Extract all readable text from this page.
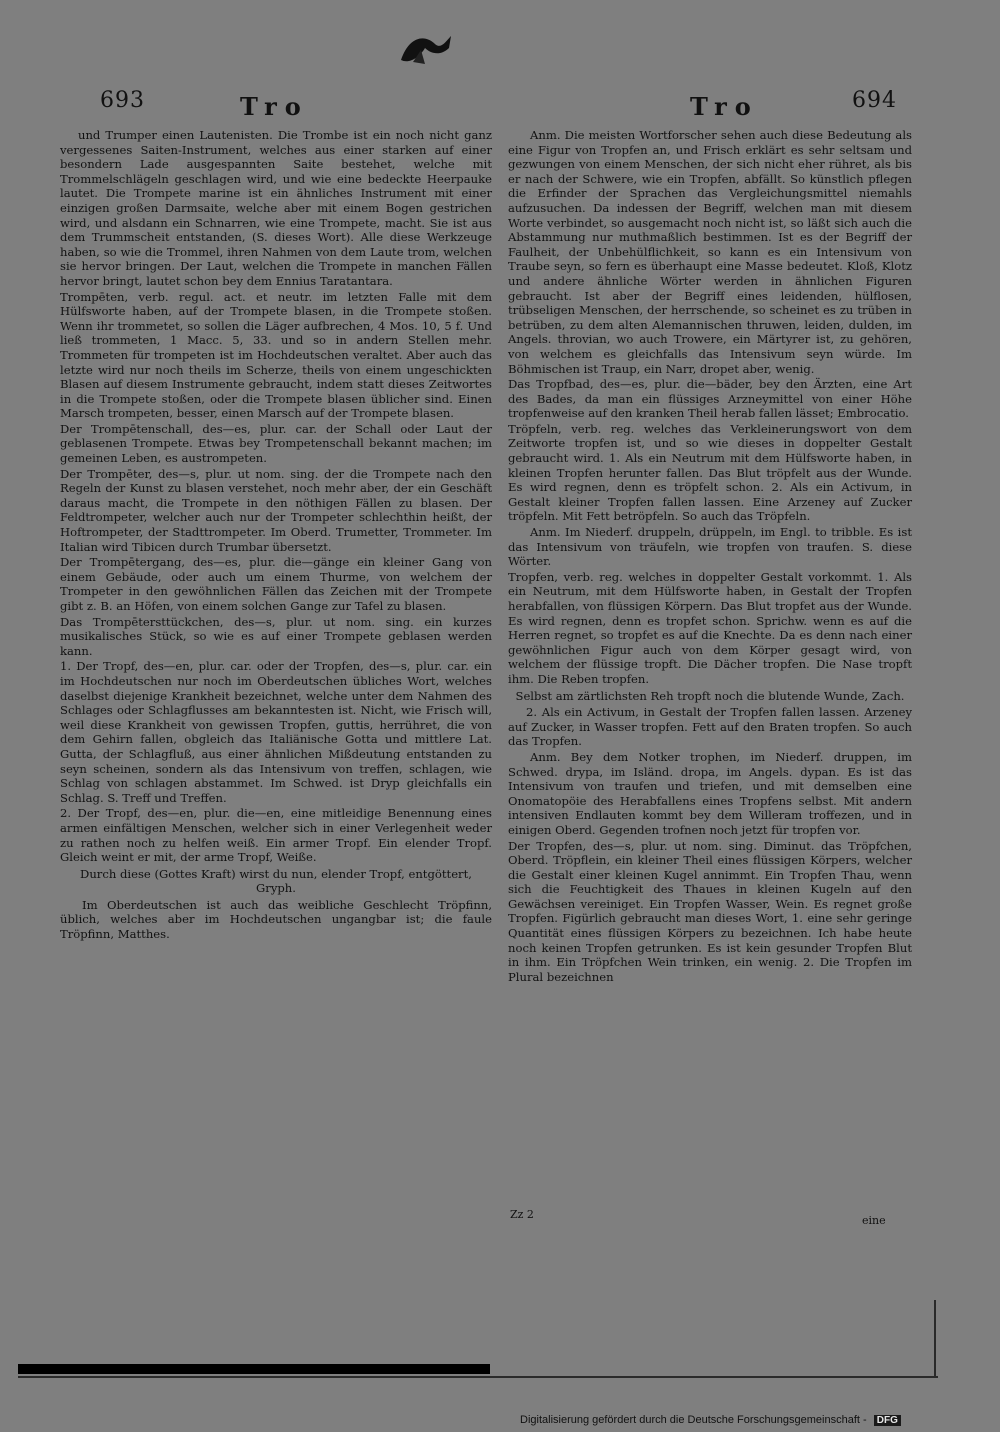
693	Tro	Tro	694

und Trumper einen Lautenisten. Die Trombe ist ein noch nicht ganz vergessenes Saiten-Instrument, welches aus einer starken auf einer besondern Lade ausgespannten Saite bestehet, welche mit Trommelschlägeln geschlagen wird, und wie eine bedeckte Heerpauke lautet. Die Trompete marine ist ein ähnliches Instrument mit einer einzigen großen Darmsaite, welche aber mit einem Bogen gestrichen wird, und alsdann ein Schnarren, wie eine Trompete, macht. Sie ist aus dem Trummscheit entstanden, (S. dieses Wort). Alle diese Werkzeuge haben, so wie die Trommel, ihren Nahmen von dem Laute trom, welchen sie hervor bringen. Der Laut, welchen die Trompete in manchen Fällen hervor bringt, lautet schon bey dem Ennius Taratantara.

Trompēten, verb. regul. act. et neutr. im letzten Falle mit dem Hülfsworte haben, auf der Trompete blasen, in die Trompete stoßen. Wenn ihr trommetet, so sollen die Läger aufbrechen, 4 Mos. 10, 5 f. Und ließ trommeten, 1 Macc. 5, 33. und so in andern Stellen mehr. Trommeten für trompeten ist im Hochdeutschen veraltet. Aber auch das letzte wird nur noch theils im Scherze, theils von einem ungeschickten Blasen auf diesem Instrumente gebraucht, indem statt dieses Zeitwortes in die Trompete stoßen, oder die Trompete blasen üblicher sind. Einen Marsch trompeten, besser, einen Marsch auf der Trompete blasen.

Der Trompētenschall, des—es, plur. car. der Schall oder Laut der geblasenen Trompete. Etwas bey Trompetenschall bekannt machen; im gemeinen Leben, es austrompeten.

Der Trompēter, des—s, plur. ut nom. sing. der die Trompete nach den Regeln der Kunst zu blasen verstehet, noch mehr aber, der ein Geschäft daraus macht, die Trompete in den nöthigen Fällen zu blasen. Der Feldtrompeter, welcher auch nur der Trompeter schlechthin heißt, der Hoftrompeter, der Stadttrompeter. Im Oberd. Trumetter, Trommeter. Im Italian wird Tibicen durch Trumbar übersetzt.

Der Trompētergang, des—es, plur. die—gänge ein kleiner Gang von einem Gebäude, oder auch um einem Thurme, von welchem der Trompeter in den gewöhnlichen Fällen das Zeichen mit der Trompete gibt z. B. an Höfen, von einem solchen Gange zur Tafel zu blasen.

Das Trompētersttückchen, des—s, plur. ut nom. sing. ein kurzes musikalisches Stück, so wie es auf einer Trompete geblasen werden kann.

1. Der Tropf, des—en, plur. car. oder der Tropfen, des—s, plur. car. ein im Hochdeutschen nur noch im Oberdeutschen übliches Wort, welches daselbst diejenige Krankheit bezeichnet, welche unter dem Nahmen des Schlages oder Schlagflusses am bekanntesten ist. Nicht, wie Frisch will, weil diese Krankheit von gewissen Tropfen, guttis, herrühret, die von dem Gehirn fallen, obgleich das Italiänische Gotta und mittlere Lat. Gutta, der Schlagfluß, aus einer ähnlichen Mißdeutung entstanden zu seyn scheinen, sondern als das Intensivum von treffen, schlagen, wie Schlag von schlagen abstammet. Im Schwed. ist Dryp gleichfalls ein Schlag. S. Treff und Treffen.

2. Der Tropf, des—en, plur. die—en, eine mitleidige Benennung eines armen einfältigen Menschen, welcher sich in einer Verlegenheit weder zu rathen noch zu helfen weiß. Ein armer Tropf. Ein elender Tropf. Gleich weint er mit, der arme Tropf, Weiße.

Durch diese (Gottes Kraft) wirst du nun, elender Tropf, entgöttert, Gryph.

Im Oberdeutschen ist auch das weibliche Geschlecht Tröpfinn, üblich, welches aber im Hochdeutschen ungangbar ist; die faule Tröpfinn, Matthes.

Anm. Die meisten Wortforscher sehen auch diese Bedeutung als eine Figur von Tropfen an, und Frisch erklärt es sehr seltsam und gezwungen von einem Menschen, der sich nicht eher rühret, als bis er nach der Schwere, wie ein Tropfen, abfällt. So künstlich pflegen die Erfinder der Sprachen das Vergleichungsmittel niemahls aufzusuchen. Da indessen der Begriff, welchen man mit diesem Worte verbindet, so ausgemacht noch nicht ist, so läßt sich auch die Abstammung nur muthmaßlich bestimmen. Ist es der Begriff der Faulheit, der Unbehülflichkeit, so kann es ein Intensivum von Traube seyn, so fern es überhaupt eine Masse bedeutet. Kloß, Klotz und andere ähnliche Wörter werden in ähnlichen Figuren gebraucht. Ist aber der Begriff eines leidenden, hülflosen, trübseligen Menschen, der herrschende, so scheinet es zu trüben in betrüben, zu dem alten Alemannischen thruwen, leiden, dulden, im Angels. throvian, wo auch Trowere, ein Märtyrer ist, zu gehören, von welchem es gleichfalls das Intensivum seyn würde. Im Böhmischen ist Traup, ein Narr, dropet aber, wenig.

Das Tropfbad, des—es, plur. die—bäder, bey den Ärzten, eine Art des Bades, da man ein flüssiges Arzneymittel von einer Höhe tropfenweise auf den kranken Theil herab fallen lässet; Embrocatio.

Tröpfeln, verb. reg. welches das Verkleinerungswort von dem Zeitworte tropfen ist, und so wie dieses in doppelter Gestalt gebraucht wird. 1. Als ein Neutrum mit dem Hülfsworte haben, in kleinen Tropfen herunter fallen. Das Blut tröpfelt aus der Wunde. Es wird regnen, denn es tröpfelt schon. 2. Als ein Activum, in Gestalt kleiner Tropfen fallen lassen. Eine Arzeney auf Zucker tröpfeln. Mit Fett betröpfeln. So auch das Tröpfeln.

Anm. Im Niederf. druppeln, drüppeln, im Engl. to tribble. Es ist das Intensivum von träufeln, wie tropfen von traufen. S. diese Wörter.

Tropfen, verb. reg. welches in doppelter Gestalt vorkommt. 1. Als ein Neutrum, mit dem Hülfsworte haben, in Gestalt der Tropfen herabfallen, von flüssigen Körpern. Das Blut tropfet aus der Wunde. Es wird regnen, denn es tropfet schon. Sprichw. wenn es auf die Herren regnet, so tropfet es auf die Knechte. Da es denn nach einer gewöhnlichen Figur auch von dem Körper gesagt wird, von welchem der flüssige tropft. Die Dächer tropfen. Die Nase tropft ihm. Die Reben tropfen.

Selbst am zärtlichsten Reh tropft noch die blutende Wunde, Zach.

2. Als ein Activum, in Gestalt der Tropfen fallen lassen. Arzeney auf Zucker, in Wasser tropfen. Fett auf den Braten tropfen. So auch das Tropfen.

Anm. Bey dem Notker trophen, im Niederf. druppen, im Schwed. drypa, im Isländ. dropa, im Angels. dypan. Es ist das Intensivum von traufen und triefen, und mit demselben eine Onomatopöie des Herabfallens eines Tropfens selbst. Mit andern intensiven Endlauten kommt bey dem Willeram troffezen, und in einigen Oberd. Gegenden trofnen noch jetzt für tropfen vor.

Der Tropfen, des—s, plur. ut nom. sing. Diminut. das Tröpfchen, Oberd. Tröpflein, ein kleiner Theil eines flüssigen Körpers, welcher die Gestalt einer kleinen Kugel annimmt. Ein Tropfen Thau, wenn sich die Feuchtigkeit des Thaues in kleinen Kugeln auf den Gewächsen vereiniget. Ein Tropfen Wasser, Wein. Es regnet große Tropfen. Figürlich gebraucht man dieses Wort, 1. eine sehr geringe Quantität eines flüssigen Körpers zu bezeichnen. Ich habe heute noch keinen Tropfen getrunken. Es ist kein gesunder Tropfen Blut in ihm. Ein Tröpfchen Wein trinken, ein wenig. 2. Die Tropfen im Plural bezeichnen

Zz 2	eine
Digitalisierung gefördert durch die Deutsche Forschungsgemeinschaft - DFG
